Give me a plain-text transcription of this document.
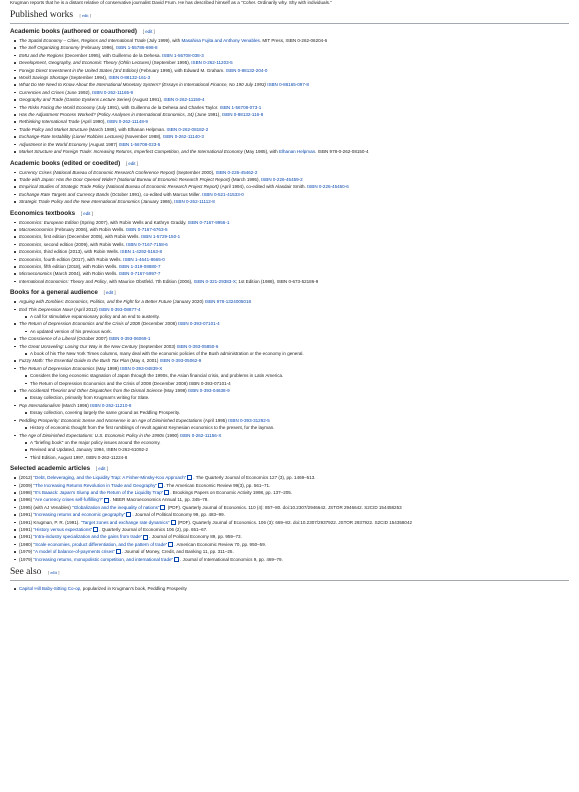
Krugman reports that he is a distant relative of conservative journalist David Frum. He has described himself as a "Coher. Ordinarily why. Shy with individuals."
Published works [ edit ]
Academic books (authored or coauthored) [ edit ]
The Spatial Economy – Cities, Regions and International Trade (July 1999), with Masahisa Fujita and Anthony Venables. MIT Press, ISBN 0-262-06204-6
The Self Organizing Economy (February 1996), ISBN 1-55786-698-8
EMU and the Regions (December 1995), with Guillermo de la Dehesa. ISBN 1-56708-038-3
Development, Geography, and Economic Theory (Ohlin Lectures) (September 1995), ISBN 0-262-11203-5
Foreign Direct Investment in the United States (3rd Edition) (February 1995), with Edward M. Graham. ISBN 0-88132-204-0
World Savings Shortage (September 1994), ISBN 0-88132-161-3
What Do We Need to Know About the International Monetary System? (Essays in International Finance, No 190 July 1993) ISBN 0-88165-097-8
Currencies and Crises (June 1992), ISBN 0-262-11165-9
Geography and Trade (Gaston Eyskens Lecture Series) (August 1991), ISBN 0-262-11159-4
The Risks Facing the World Economy (July 1991), with Guillermo de la Dehesa and Charles Taylor. ISBN 1-56708-073-1
Has the Adjustment Process Worked? (Policy Analyses in International Economics, 34) (June 1991), ISBN 0-88132-116-8
Rethinking International Trade (April 1990), ISBN 0-262-11148-9
Trade Policy and Market Structure (March 1989), with Elhanan Helpman. ISBN 0-262-08182-2
Exchange-Rate Instability (Lionel Robbins Lectures) (November 1988), ISBN 0-262-11140-3
Adjustment in the World Economy (August 1987) ISBN 1-56708-023-5
Market Structure and Foreign Trade: Increasing Returns, Imperfect Competition, and the International Economy (May 1985), with Elhanan Helpman. ISBN 978-0-262-08150-4
Academic books (edited or coedited) [ edit ]
Currency Crises (National Bureau of Economic Research Conference Report) (September 2000), ISBN 0-226-45462-2
Trade with Japan: Has the Door Opened Wider? (National Bureau of Economic Research Project Report) (March 1995), ISBN 0-226-45459-2
Empirical Studies of Strategic Trade Policy (National Bureau of Economic Research Project Report) (April 1994), co-edited with Alasdair Smith. ISBN 0-226-45460-6
Exchange Rate Targets and Currency Bands (October 1991), co-edited with Marcus Miller. ISBN 0-521-41533-0
Strategic Trade Policy and the New International Economics (January 1986), ISBN 0-262-11112-8
Economics textbooks [ edit ]
Economics: European Edition (Spring 2007), with Robin Wells and Kathryn Graddy. ISBN 0-7167-9956-1
Macroeconomics (February 2006), with Robin Wells. ISBN 0-7167-6763-5
Economics, first edition (December 2005), with Robin Wells. ISBN 1-5729-150-1
Economics, second edition (2009), with Robin Wells. ISBN 0-7167-7158-6
Economics, third edition (2013), with Robin Wells. ISBN 1-4292-5163-8
Economics, fourth edition (2017), with Robin Wells. ISBN 1-4641-8665-0
Economics, fifth edition (2018), with Robin Wells. ISBN 1-319-08880-7
Microeconomics (March 2004), with Robin Wells. ISBN 0-7167-5997-7
International Economics: Theory and Policy, with Maurice Obstfeld. 7th Edition (2006), ISBN 0-321-29383-X; 1st Edition (1988), ISBN 0-673-52186-9
Books for a general audience [ edit ]
Arguing with Zombies: Economics, Politics, and the Fight for a Better Future (January 2020) ISBN 978-1324005018
End This Depression Now! (April 2012) ISBN 0-393-08877-4
A call for stimulative expansionary policy and an end to austerity.
The Return of Depression Economics and the Crisis of 2008 (December 2008) ISBN 0-393-07101-4
An updated version of his previous work.
The Conscience of a Liberal (October 2007) ISBN 0-393-06069-1
The Great Unraveling: Losing Our Way in the New Century (September 2003) ISBN 0-393-05850-6
A book of his The New York Times columns, many deal with the economic policies of the Bush administration or the economy in general.
Fuzzy Math: The Essential Guide to the Bush Tax Plan (May 4, 2001) ISBN 0-393-05062-9
The Return of Depression Economics (May 1999) ISBN 0-393-04839-X
Considers the long economic stagnation of Japan through the 1990s, the Asian financial crisis, and problems in Latin America.
The Return of Depression Economics and the Crisis of 2008 (December 2008) ISBN 0-393-07101-4
The Accidental Theorist and Other Dispatches from the Dismal Science (May 1998) ISBN 0-393-04638-9
Essay collection, primarily from Krugman's writing for Slate.
Pop Internationalism (March 1996) ISBN 0-262-11210-8
Essay collection, covering largely the same ground as Peddling Prosperity.
Peddling Prosperity: Economic Sense and Nonsense in an Age of Diminished Expectations (April 1995) ISBN 0-393-31292-5
History of economic thought from the first rumblings of revolt against Keynesian economics to the present, for the layman.
The Age of Diminished Expectations: U.S. Economic Policy in the 1990s (1990) ISBN 0-262-11156-X
A "briefing book" on the major policy issues around the economy.
Revised and Updated, January 1994, ISBN 0-262-61092-2
Third Edition, August 1997, ISBN 0-262-11224-8
Selected academic articles [ edit ]
(2012) "Debt, Deleveraging, and the Liquidity Trap: A Fisher-Minsky-Koo Approach" . The Quarterly Journal of Economics 127 (3), pp. 1469–513.
(2009) "The Increasing Returns Revolution in Trade and Geography" . The American Economic Review 99(3), pp. 561–71.
(1998) "It's Baaack: Japan's Slump and the Return of the Liquidity Trap" . Brookings Papers on Economic Activity 1998, pp. 137–205.
(1996) "Are currency crises self-fulfilling?" . NBER Macroeconomics Annual 11, pp. 345–78.
(1995) (with AJ Venables) "Globalization and the inequality of nations" (PDF). Quarterly Journal of Economics. 110 (4): 857–80. doi:10.2307/2946642. JSTOR 2946642. S2CID 154458253
(1991) "Increasing returns and economic geography" . Journal of Political Economy 99, pp. 483–99.
(1991) Krugman, P. R. (1991). "Target zones and exchange rate dynamics" (PDF). Quarterly Journal of Economics. 106 (3): 669–82. doi:10.2307/2937922. JSTOR 2937922. S2CID 154358042
(1991) "History versus expectations" . Quarterly Journal of Economics 106 (2), pp. 651–67.
(1991) "Intra-industry specialization and the gains from trade" . Journal of Political Economy 89, pp. 959–73.
(1980) "Scale economies, product differentiation, and the pattern of trade" . American Economic Review 70, pp. 950–59.
(1979) "A model of balance-of-payments crises" . Journal of Money, Credit, and Banking 11, pp. 311–25.
(1979) "Increasing returns, monopolistic competition, and international trade" . Journal of International Economics 9, pp. 469–79.
See also [ edit ]
Capitol Hill Baby-Sitting Co-op, popularized in Krugman's book, Peddling Prosperity
